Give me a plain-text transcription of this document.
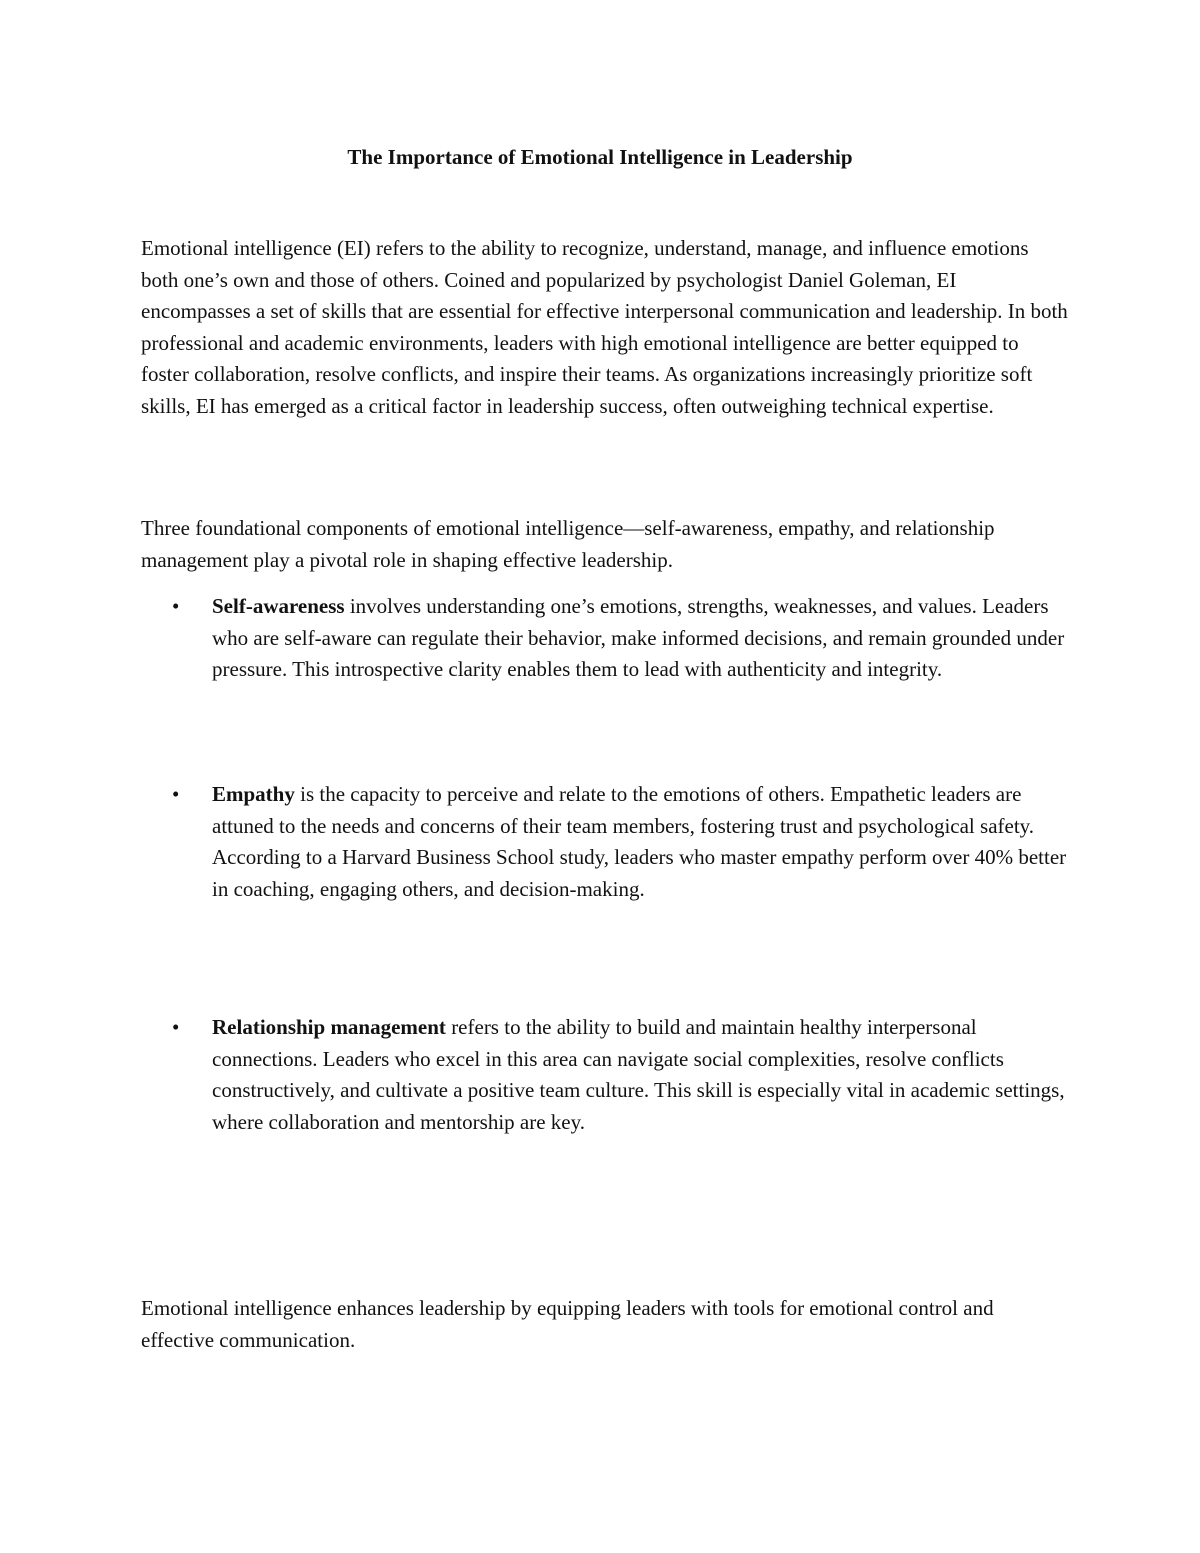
The Importance of Emotional Intelligence in Leadership

Emotional intelligence (EI) refers to the ability to recognize, understand, manage, and influence emotions both one’s own and those of others. Coined and popularized by psychologist Daniel Goleman, EI encompasses a set of skills that are essential for effective interpersonal communication and leadership. In both professional and academic environments, leaders with high emotional intelligence are better equipped to foster collaboration, resolve conflicts, and inspire their teams. As organizations increasingly prioritize soft skills, EI has emerged as a critical factor in leadership success, often outweighing technical expertise.

Three foundational components of emotional intelligence—self-awareness, empathy, and relationship management play a pivotal role in shaping effective leadership.

• Self-awareness involves understanding one’s emotions, strengths, weaknesses, and values. Leaders who are self-aware can regulate their behavior, make informed decisions, and remain grounded under pressure. This introspective clarity enables them to lead with authenticity and integrity.

• Empathy is the capacity to perceive and relate to the emotions of others. Empathetic leaders are attuned to the needs and concerns of their team members, fostering trust and psychological safety. According to a Harvard Business School study, leaders who master empathy perform over 40% better in coaching, engaging others, and decision-making.

• Relationship management refers to the ability to build and maintain healthy interpersonal connections. Leaders who excel in this area can navigate social complexities, resolve conflicts constructively, and cultivate a positive team culture. This skill is especially vital in academic settings, where collaboration and mentorship are key.

Emotional intelligence enhances leadership by equipping leaders with tools for emotional control and effective communication.
